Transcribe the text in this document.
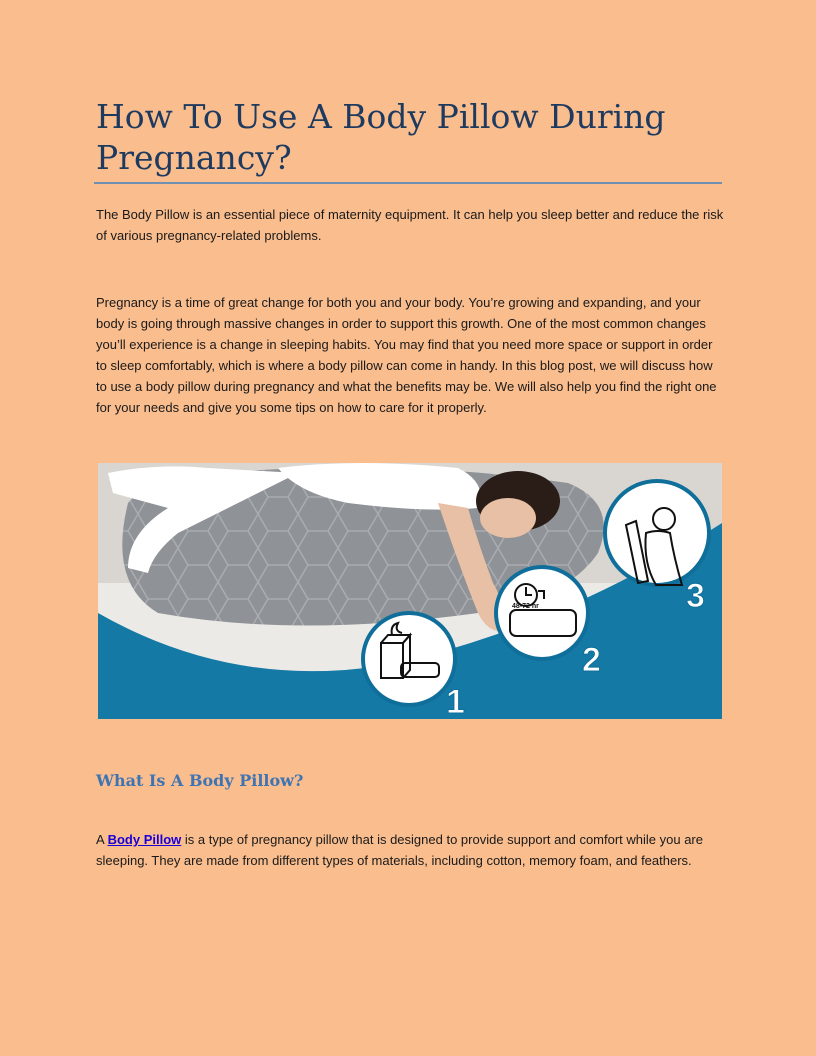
How To Use A Body Pillow During Pregnancy?

The Body Pillow is an essential piece of maternity equipment. It can help you sleep better and reduce the risk of various pregnancy-related problems.

Pregnancy is a time of great change for both you and your body. You’re growing and expanding, and your body is going through massive changes in order to support this growth. One of the most common changes you’ll experience is a change in sleeping habits. You may find that you need more space or support in order to sleep comfortably, which is where a body pillow can come in handy. In this blog post, we will discuss how to use a body pillow during pregnancy and what the benefits may be. We will also help you find the right one for your needs and give you some tips on how to care for it properly.

1
48-72 hr
2
3
What Is A Body Pillow?

A Body Pillow is a type of pregnancy pillow that is designed to provide support and comfort while you are sleeping. They are made from different types of materials, including cotton, memory foam, and feathers.
